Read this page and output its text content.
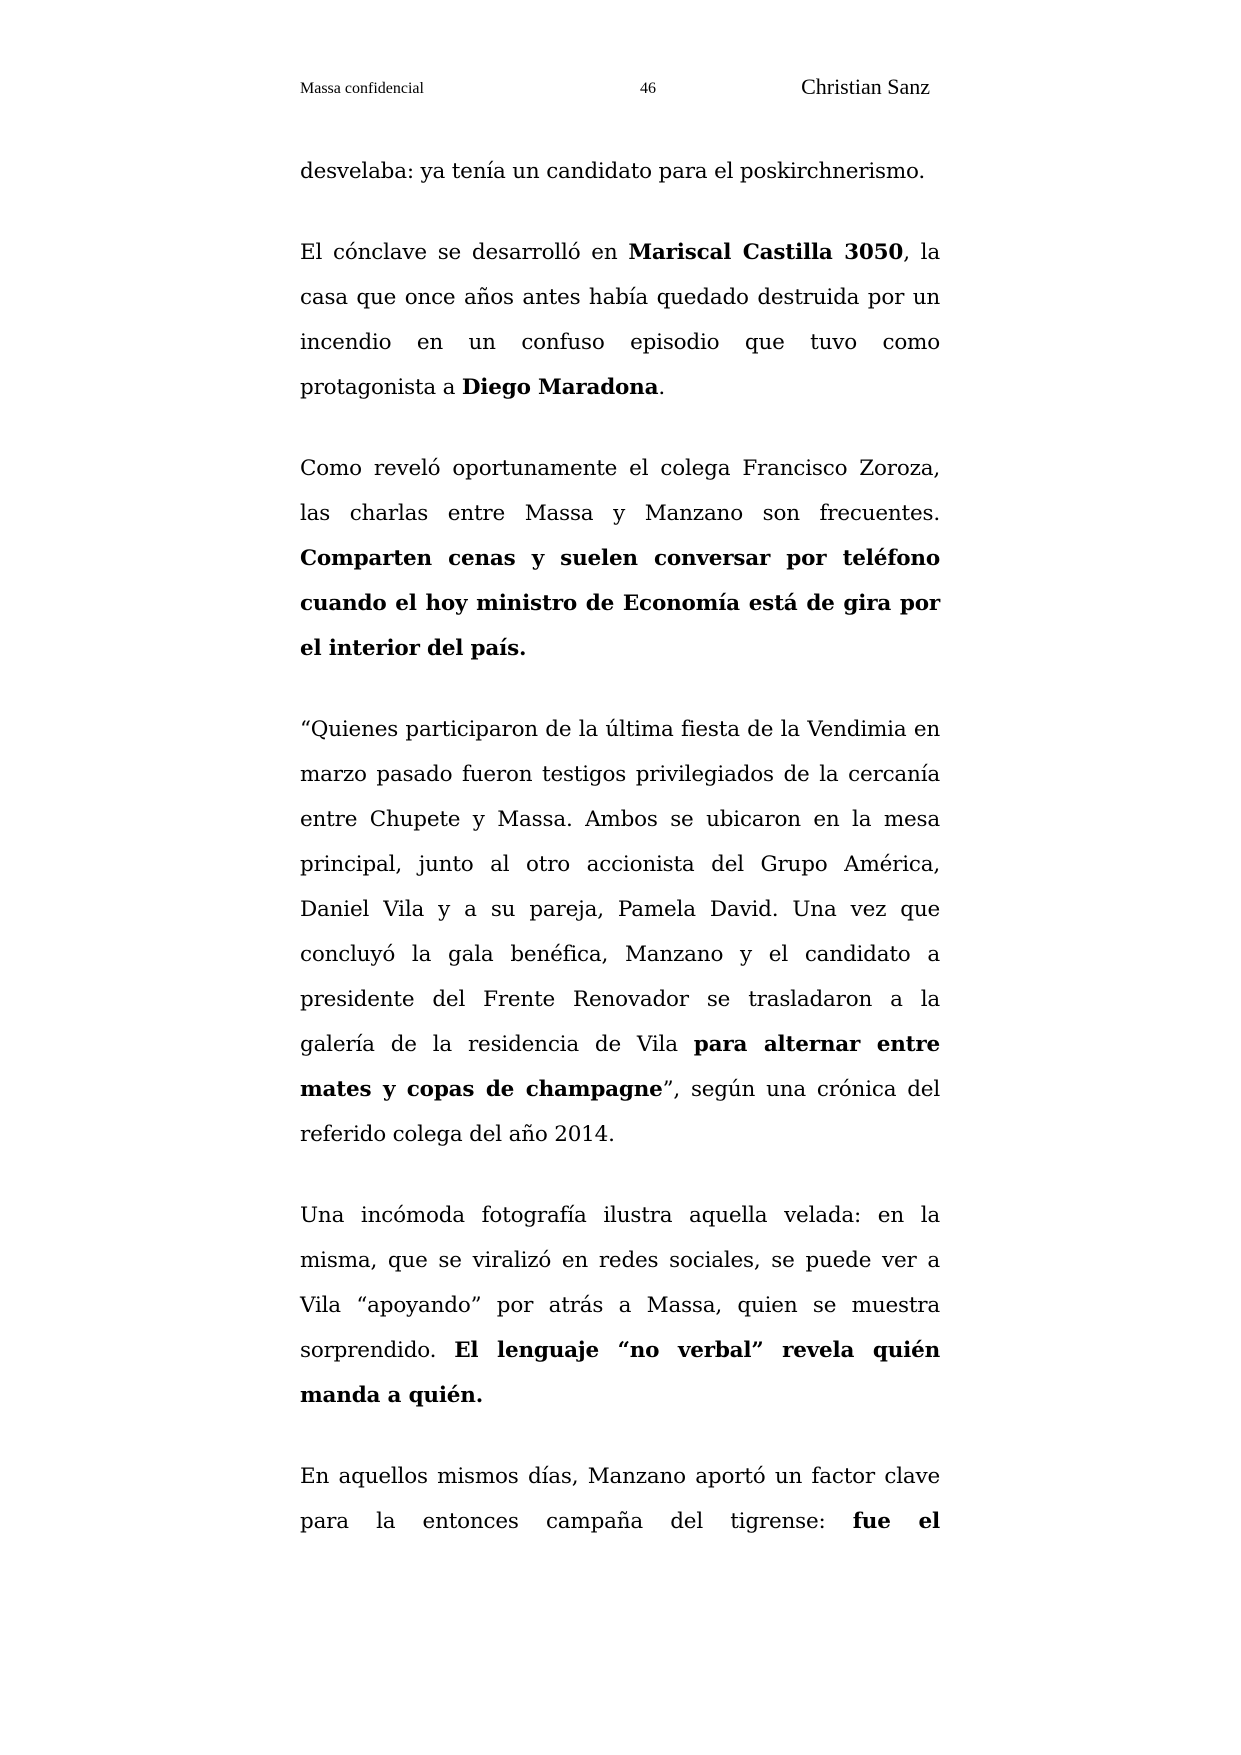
Massa confidencial	46	Christian Sanz

desvelaba: ya tenía un candidato para el poskirchnerismo.

El cónclave se desarrolló en Mariscal Castilla 3050, la casa que once años antes había quedado destruida por un incendio en un confuso episodio que tuvo como protagonista a Diego Maradona.

Como reveló oportunamente el colega Francisco Zoroza, las charlas entre Massa y Manzano son frecuentes. Comparten cenas y suelen conversar por teléfono cuando el hoy ministro de Economía está de gira por el interior del país.

“Quienes participaron de la última fiesta de la Vendimia en marzo pasado fueron testigos privilegiados de la cercanía entre Chupete y Massa. Ambos se ubicaron en la mesa principal, junto al otro accionista del Grupo América, Daniel Vila y a su pareja, Pamela David. Una vez que concluyó la gala benéfica, Manzano y el candidato a presidente del Frente Renovador se trasladaron a la galería de la residencia de Vila para alternar entre mates y copas de champagne”, según una crónica del referido colega del año 2014.

Una incómoda fotografía ilustra aquella velada: en la misma, que se viralizó en redes sociales, se puede ver a Vila “apoyando” por atrás a Massa, quien se muestra sorprendido. El lenguaje “no verbal” revela quién manda a quién.

En aquellos mismos días, Manzano aportó un factor clave para la entonces campaña del tigrense: fue el
